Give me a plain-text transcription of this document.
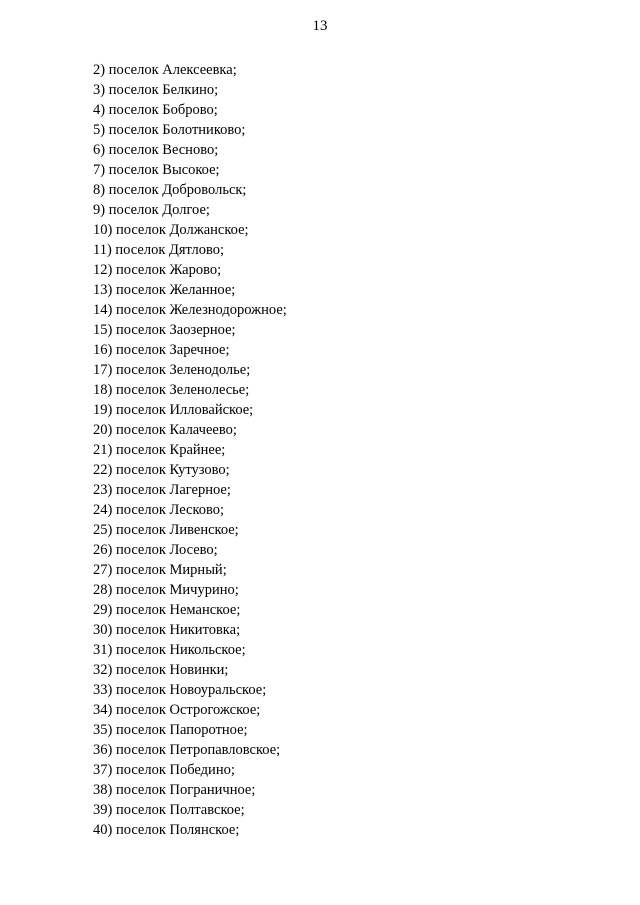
13
2) поселок Алексеевка;
3) поселок Белкино;
4) поселок Боброво;
5) поселок Болотниково;
6) поселок Весново;
7) поселок Высокое;
8) поселок Добровольск;
9) поселок Долгое;
10) поселок Должанское;
11) поселок Дятлово;
12) поселок Жарово;
13) поселок Желанное;
14) поселок Железнодорожное;
15) поселок Заозерное;
16) поселок Заречное;
17) поселок Зеленодолье;
18) поселок Зеленолесье;
19) поселок Илловайское;
20) поселок Калачеево;
21) поселок Крайнее;
22) поселок Кутузово;
23) поселок Лагерное;
24) поселок Лесково;
25) поселок Ливенское;
26) поселок Лосево;
27) поселок Мирный;
28) поселок Мичурино;
29) поселок Неманское;
30) поселок Никитовка;
31) поселок Никольское;
32) поселок Новинки;
33) поселок Новоуральское;
34) поселок Острогожское;
35) поселок Папоротное;
36) поселок Петропавловское;
37) поселок Победино;
38) поселок Пограничное;
39) поселок Полтавское;
40) поселок Полянское;
